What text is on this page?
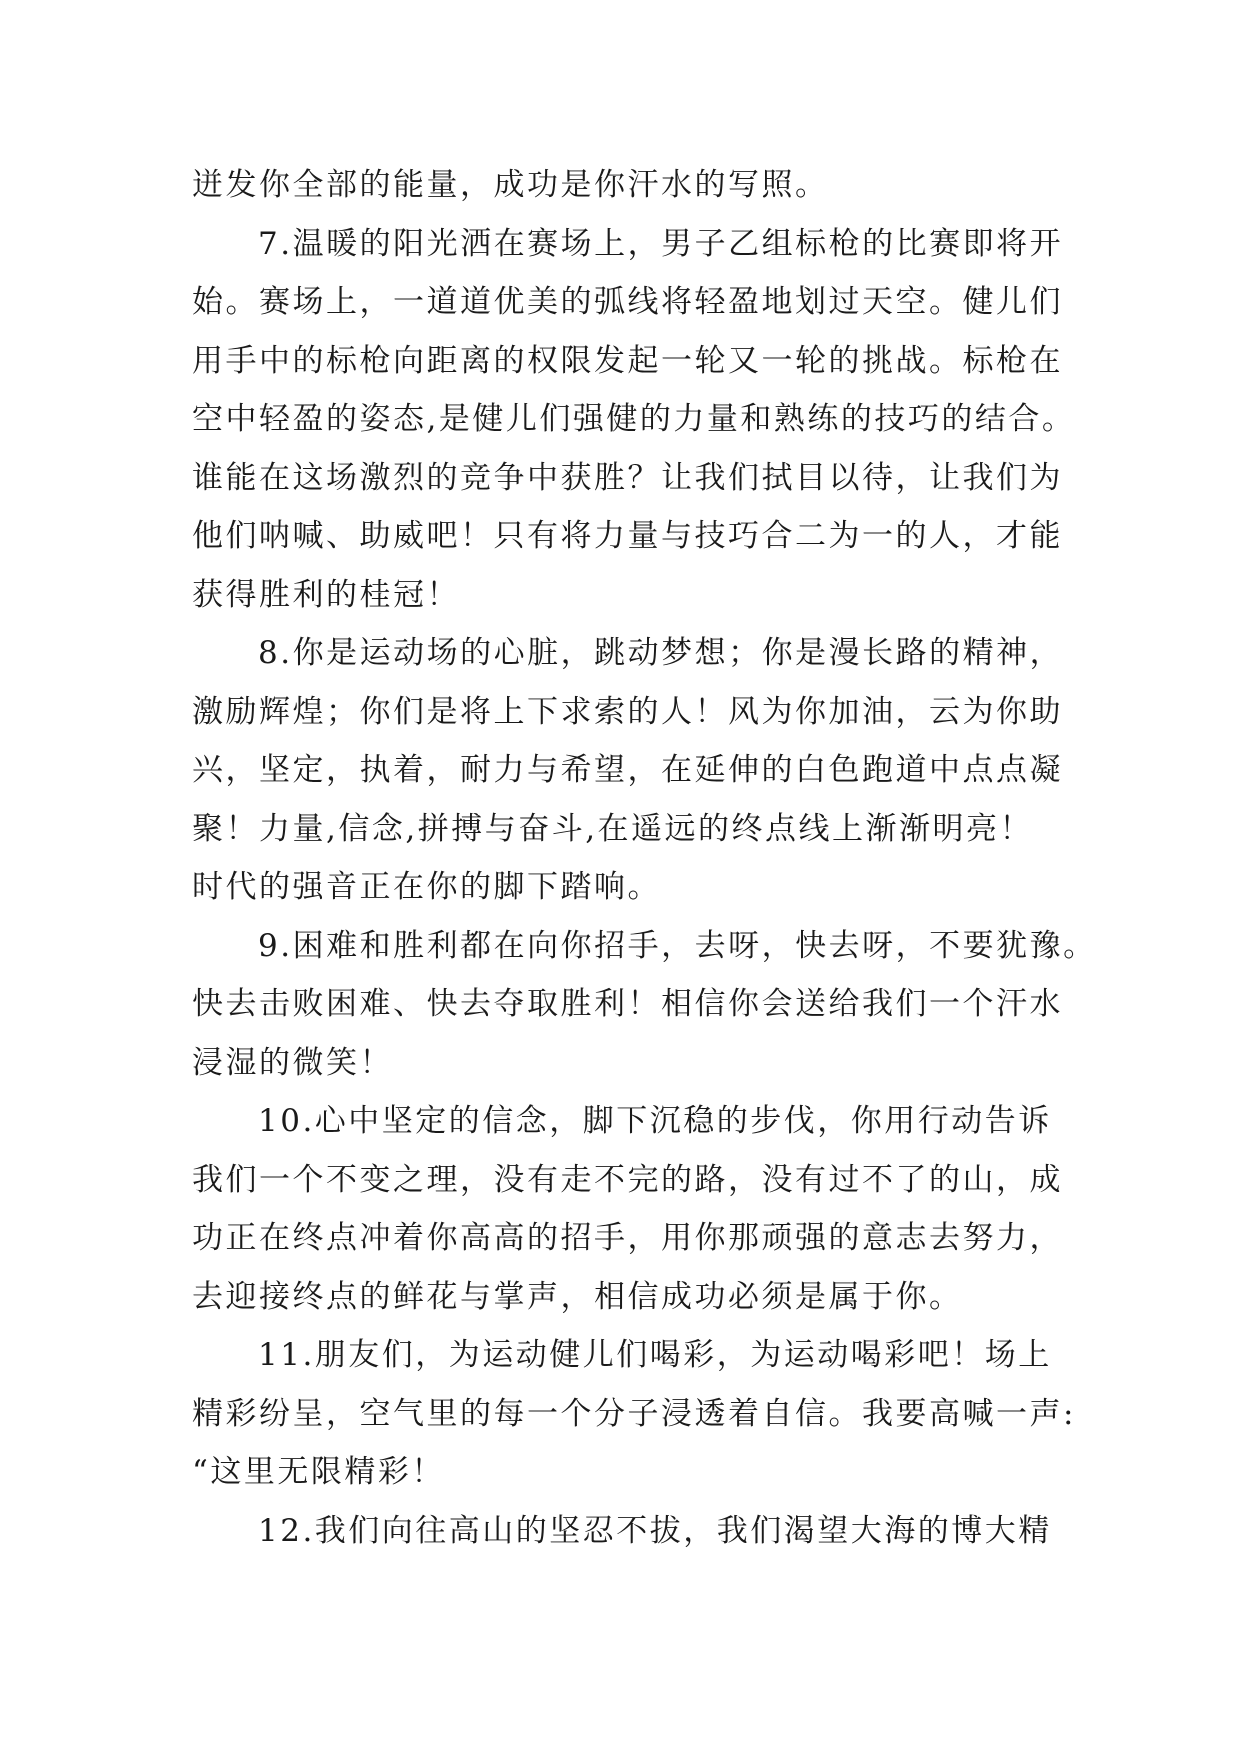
迸发你全部的能量，成功是你汗水的写照。
7.温暖的阳光洒在赛场上，男子乙组标枪的比赛即将开
始。赛场上，一道道优美的弧线将轻盈地划过天空。健儿们
用手中的标枪向距离的权限发起一轮又一轮的挑战。标枪在
空中轻盈的姿态,是健儿们强健的力量和熟练的技巧的结合。
谁能在这场激烈的竞争中获胜？让我们拭目以待，让我们为
他们呐喊、助威吧！只有将力量与技巧合二为一的人，才能
获得胜利的桂冠！
8.你是运动场的心脏，跳动梦想；你是漫长路的精神，
激励辉煌；你们是将上下求索的人！风为你加油，云为你助
兴，坚定，执着，耐力与希望，在延伸的白色跑道中点点凝
聚！力量,信念,拼搏与奋斗,在遥远的终点线上渐渐明亮！
时代的强音正在你的脚下踏响。
9.困难和胜利都在向你招手，去呀，快去呀，不要犹豫。
快去击败困难、快去夺取胜利！相信你会送给我们一个汗水
浸湿的微笑！
10.心中坚定的信念，脚下沉稳的步伐，你用行动告诉
我们一个不变之理，没有走不完的路，没有过不了的山，成
功正在终点冲着你高高的招手，用你那顽强的意志去努力，
去迎接终点的鲜花与掌声，相信成功必须是属于你。
11.朋友们，为运动健儿们喝彩，为运动喝彩吧！场上
精彩纷呈，空气里的每一个分子浸透着自信。我要高喊一声:
“这里无限精彩！
12.我们向往高山的坚忍不拔，我们渴望大海的博大精
